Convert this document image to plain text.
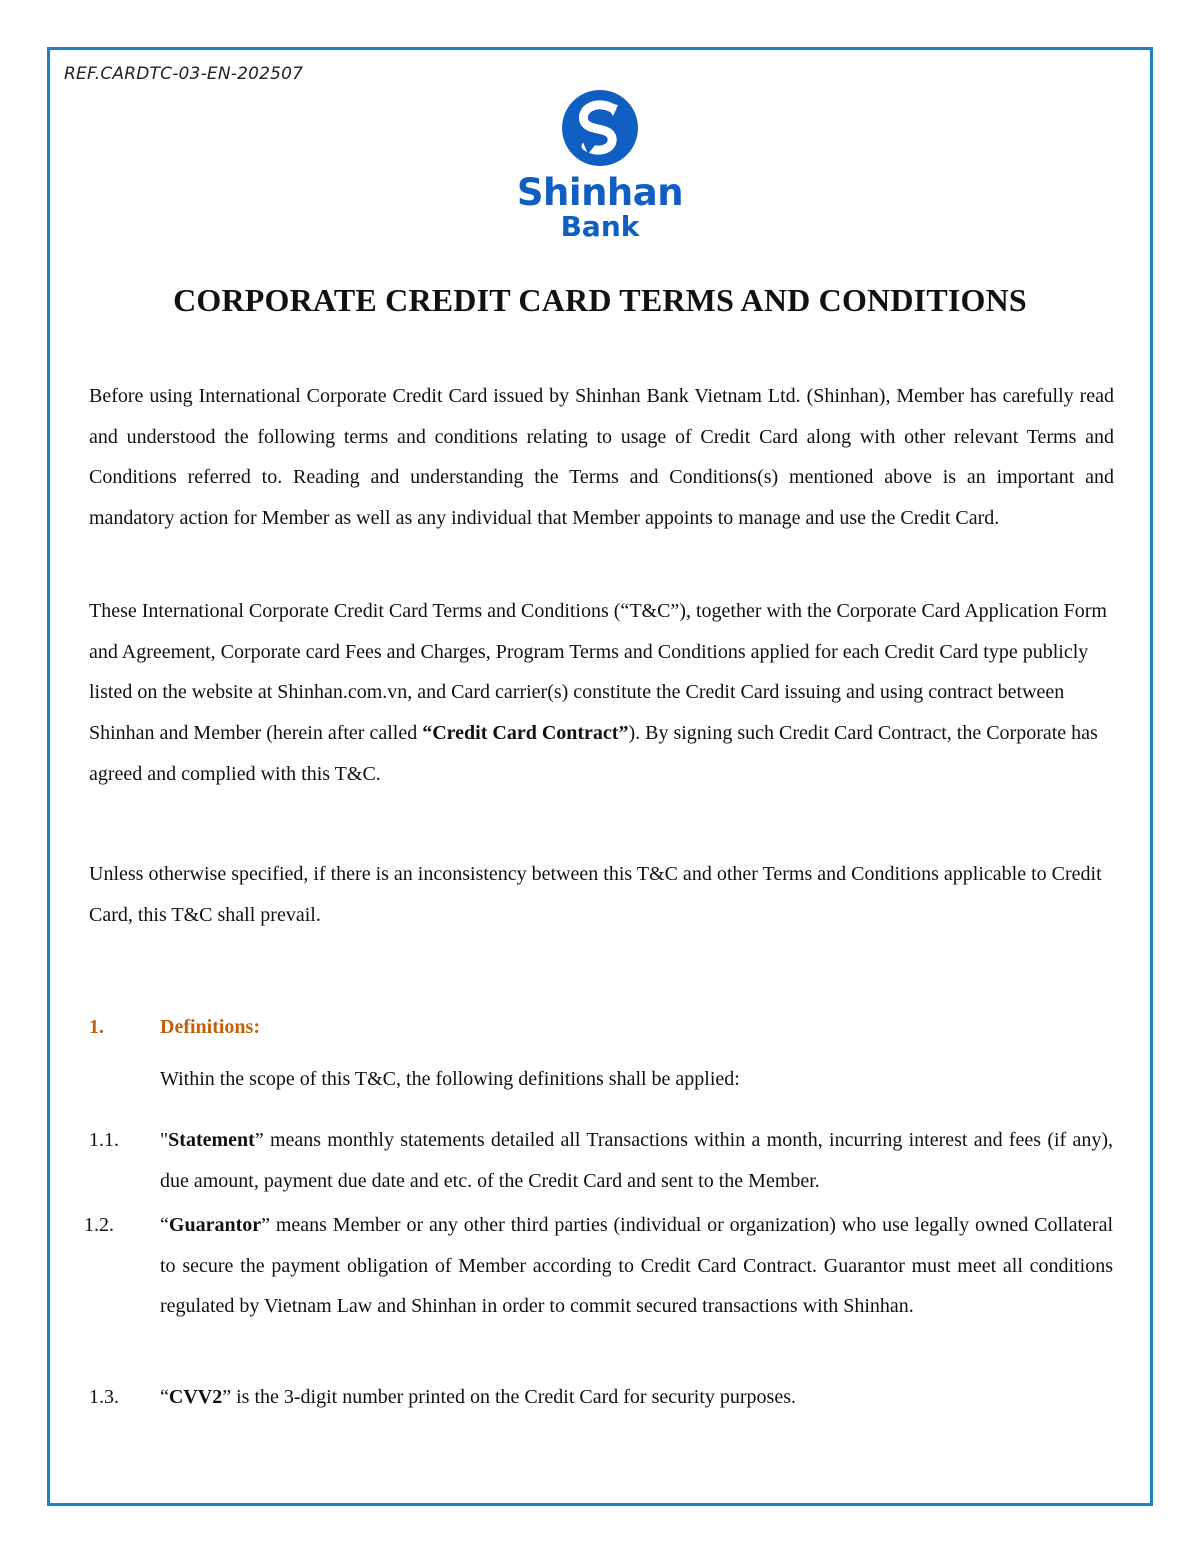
REF.CARDTC-03-EN-202507
Shinhan
Bank
CORPORATE CREDIT CARD TERMS AND CONDITIONS
Before using International Corporate Credit Card issued by Shinhan Bank Vietnam Ltd. (Shinhan), Member has carefully read and understood the following terms and conditions relating to usage of Credit Card along with other relevant Terms and Conditions referred to. Reading and understanding the Terms and Conditions(s) mentioned above is an important and mandatory action for Member as well as any individual that Member appoints to manage and use the Credit Card.
These International Corporate Credit Card Terms and Conditions (“T&C”), together with the Corporate Card Application Form and Agreement, Corporate card Fees and Charges, Program Terms and Conditions applied for each Credit Card type publicly listed on the website at Shinhan.com.vn, and Card carrier(s) constitute the Credit Card issuing and using contract between Shinhan and Member (herein after called “Credit Card Contract”). By signing such Credit Card Contract, the Corporate has agreed and complied with this T&C.
Unless otherwise specified, if there is an inconsistency between this T&C and other Terms and Conditions applicable to Credit Card, this T&C shall prevail.
1.	Definitions:
Within the scope of this T&C, the following definitions shall be applied:
1.1. "Statement” means monthly statements detailed all Transactions within a month, incurring interest and fees (if any), due amount, payment due date and etc. of the Credit Card and sent to the Member.
1.2. “Guarantor” means Member or any other third parties (individual or organization) who use legally owned Collateral to secure the payment obligation of Member according to Credit Card Contract. Guarantor must meet all conditions regulated by Vietnam Law and Shinhan in order to commit secured transactions with Shinhan.
1.3. “CVV2” is the 3-digit number printed on the Credit Card for security purposes.
